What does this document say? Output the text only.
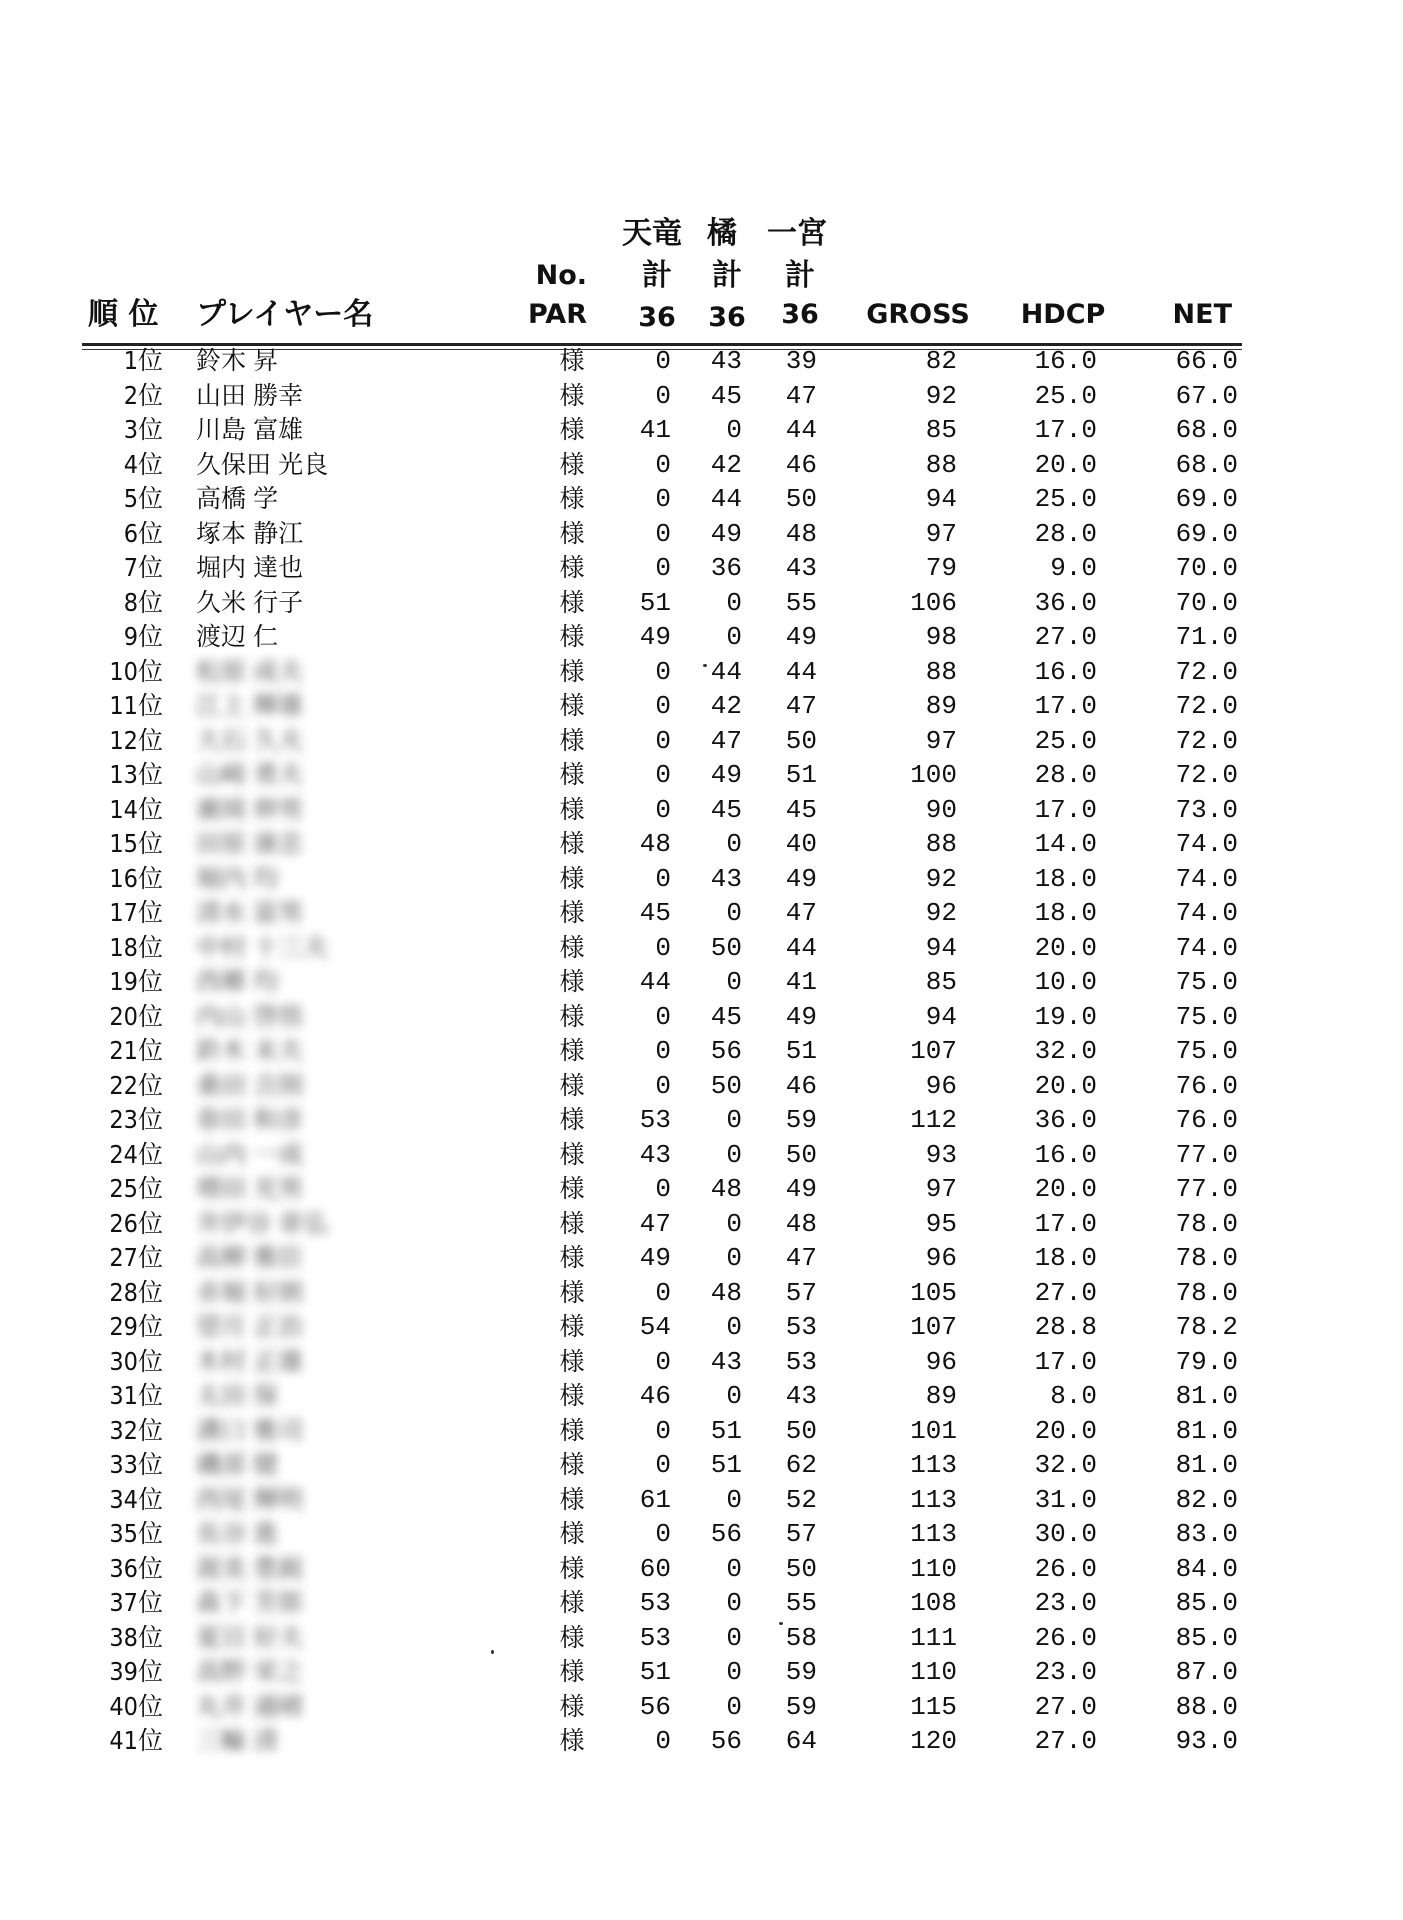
天竜 橘 一宮
No. 計 計 計
順 位 プレイヤー名	PAR 36 36 36 GROSS HDCP NET
1位 鈴木 昇	様	0 43 39	82	16.0	66.0
2位 山田 勝幸	様	0 45 47	92	25.0	67.0
3位 川島 富雄	様 41 0 44	85	17.0	68.0
4位 久保田 光良	様	0 42 46	88	20.0	68.0
5位 高橋 学	様	0 44 50	94	25.0	69.0
6位 塚本 静江	様	0 49 48	97	28.0	69.0
7位 堀内 達也	様	0 36 43	79	9.0	70.0
8位 久米 行子	様 51 0 55	106	36.0	70.0
9位 渡辺 仁	様 49 0 49	98	27.0	71.0
10位 松原 成夫	様	0 44 44	88	16.0	72.0
11位 江上 輝雄	様	0 42 47	89	17.0	72.0
12位 大石 久夫	様	0 47 50	97	25.0	72.0
13位 山崎 勇夫	様	0 49 51	100	28.0	72.0
14位 廣岡 伸男	様	0 45 45	90	17.0	73.0
15位 田原 康忠	様 48 0 40	88	14.0	74.0
16位 堀内 均	様	0 43 49	92	18.0	74.0
17位 清水 富男	様 45 0 47	92	18.0	74.0
18位 中村 十三夫	様	0 50 44	94	20.0	74.0
19位 西郷 均	様 44 0 41	85	10.0	75.0
20位 内山 啓悟	様	0 45 49	94	19.0	75.0
21位 鈴木 末夫	様	0 56 51	107	32.0	75.0
22位 桑田 吉則	様	0 50 46	96	20.0	76.0
23位 春田 和彦	様 53 0 59	112	36.0	76.0
24位 山内 一成	様 43 0 50	93	16.0	77.0
25位 増田 光男	様	0 48 49	97	20.0	77.0
26位 井伊谷 章弘	様 47 0 48	95	17.0	78.0
27位 高柳 雅臣	様 49 0 47	96	18.0	78.0
28位 赤堀 好朗	様	0 48 57	105	27.0	78.0
29位 望月 正治	様 54 0 53	107	28.8	78.2
30位 木村 正雄	様	0 43 53	96	17.0	79.0
31位 太田 保	様 46 0 43	89	8.0	81.0
32位 溝口 雅司	様	0 51 50	101	20.0	81.0
33位 磯部 健	様	0 51 62	113	32.0	81.0
34位 西尾 輝明	様 61 0 52	113	31.0	82.0
35位 長谷 進	様	0 56 57	113	30.0	83.0
36位 渥美 豊鋭	様 60 0 50	110	26.0	84.0
37位 森下 芳郎	様 53 0 55	108	23.0	85.0
38位 夏目 好夫	様 53 0 58	111	26.0	85.0
39位 高野 栄之	様 51 0 59	110	23.0	87.0
40位 丸井 通晴	様 56 0 59	115	27.0	88.0
41位 三輪 清	様	0 56 64	120	27.0	93.0
